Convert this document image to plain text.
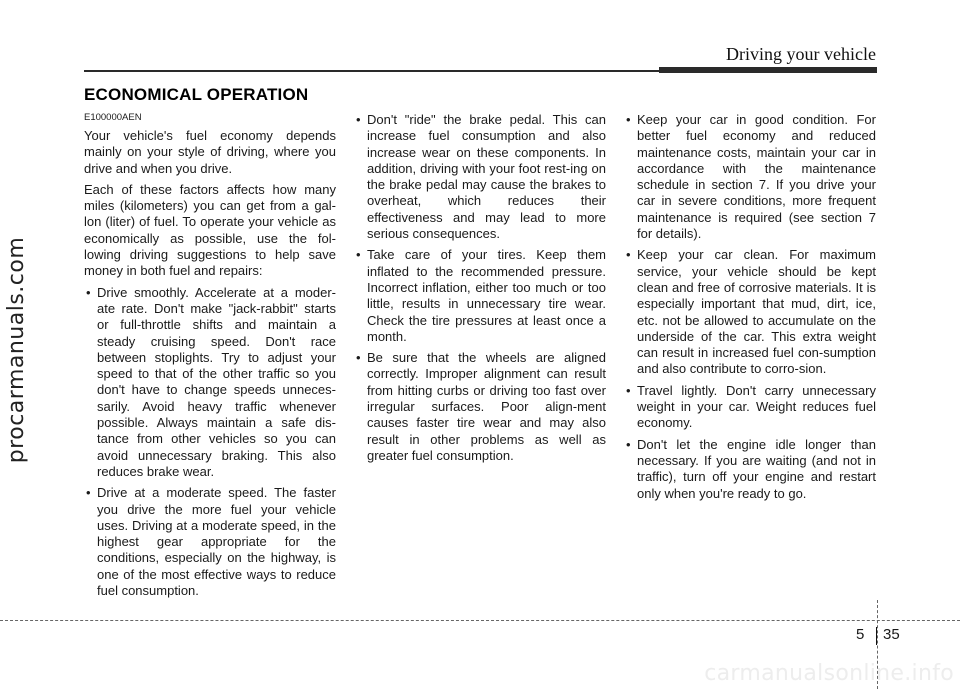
procarmanuals.com
Driving your vehicle
ECONOMICAL OPERATION

E100000AEN

Your vehicle's fuel economy depends mainly on your style of driving, where you drive and when you drive.

Each of these factors affects how many miles (kilometers) you can get from a gal-lon (liter) of fuel. To operate your vehicle as economically as possible, use the fol-lowing driving suggestions to help save money in both fuel and repairs:

• Drive smoothly. Accelerate at a moder-ate rate. Don't make "jack-rabbit" starts or full-throttle shifts and maintain a steady cruising speed. Don't race between stoplights. Try to adjust your speed to that of the other traffic so you don't have to change speeds unneces-sarily. Avoid heavy traffic whenever possible. Always maintain a safe dis-tance from other vehicles so you can avoid unnecessary braking. This also reduces brake wear.
• Drive at a moderate speed. The faster you drive the more fuel your vehicle uses. Driving at a moderate speed, in the highest gear appropriate for the conditions, especially on the highway, is one of the most effective ways to reduce fuel consumption.
• Don't "ride" the brake pedal. This can increase fuel consumption and also increase wear on these components. In addition, driving with your foot rest-ing on the brake pedal may cause the brakes to overheat, which reduces their effectiveness and may lead to more serious consequences.
• Take care of your tires. Keep them inflated to the recommended pressure. Incorrect inflation, either too much or too little, results in unnecessary tire wear. Check the tire pressures at least once a month.
• Be sure that the wheels are aligned correctly. Improper alignment can result from hitting curbs or driving too fast over irregular surfaces. Poor align-ment causes faster tire wear and may also result in other problems as well as greater fuel consumption.
• Keep your car in good condition. For better fuel economy and reduced maintenance costs, maintain your car in accordance with the maintenance schedule in section 7. If you drive your car in severe conditions, more frequent maintenance is required (see section 7 for details).
• Keep your car clean. For maximum service, your vehicle should be kept clean and free of corrosive materials. It is especially important that mud, dirt, ice, etc. not be allowed to accumulate on the underside of the car. This extra weight can result in increased fuel con-sumption and also contribute to corro-sion.
• Travel lightly. Don't carry unnecessary weight in your car. Weight reduces fuel economy.
• Don't let the engine idle longer than necessary. If you are waiting (and not in traffic), turn off your engine and restart only when you're ready to go.
5 35
carmanualsonline.info
